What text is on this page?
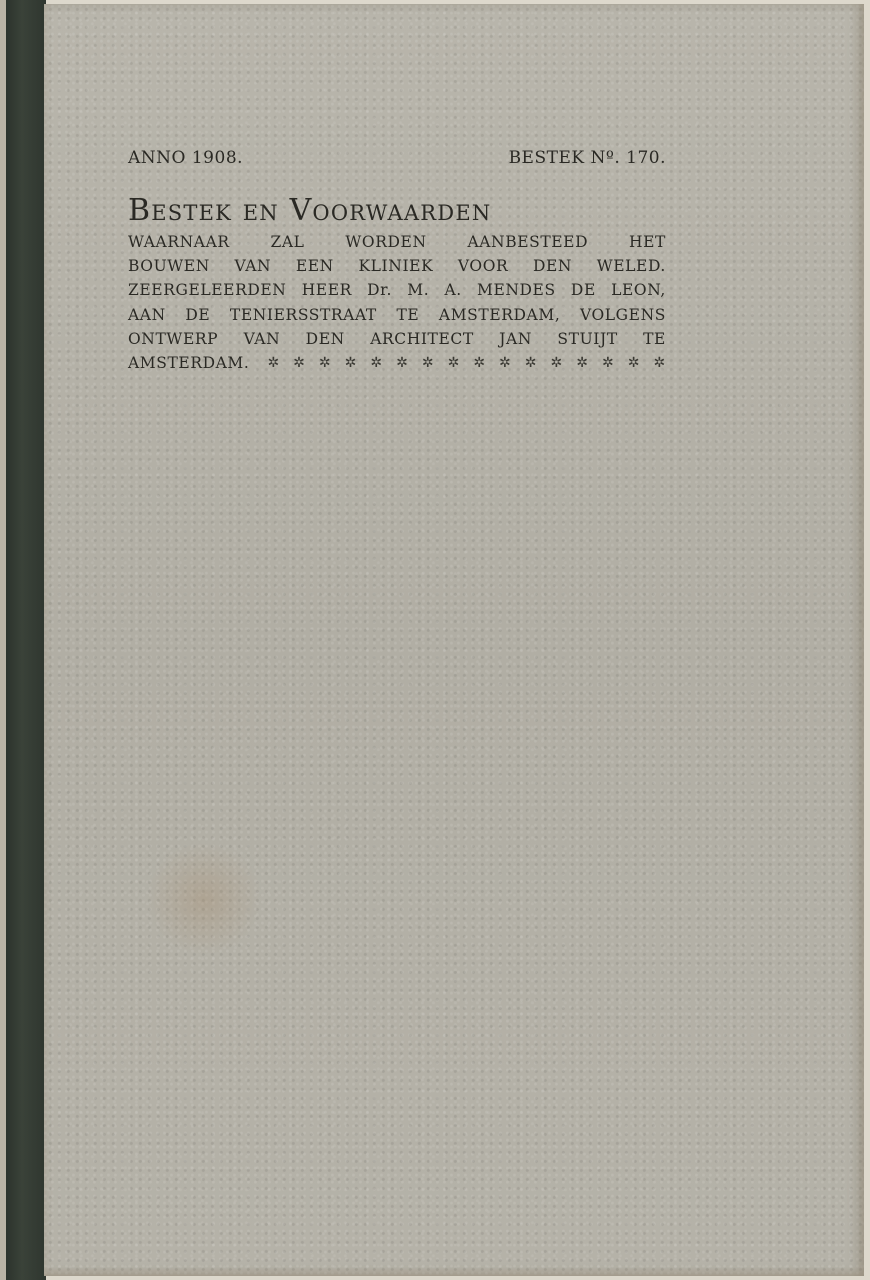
ANNO 1908.	BESTEK Nº. 170.
Bestek en Voorwaarden
WAARNAAR	ZAL	WORDEN	AANBESTEED	HET
BOUWEN VAN EEN KLINIEK VOOR DEN WELED.
ZEERGELEERDEN HEER Dr. M. A. MENDES DE LEON,
AAN DE TENIERSSTRAAT TE AMSTERDAM, VOLGENS
ONTWERP VAN DEN ARCHITECT JAN STUIJT TE
AMSTERDAM. ✲ ✲ ✲ ✲ ✲ ✲ ✲ ✲ ✲ ✲ ✲ ✲ ✲ ✲ ✲ ✲
